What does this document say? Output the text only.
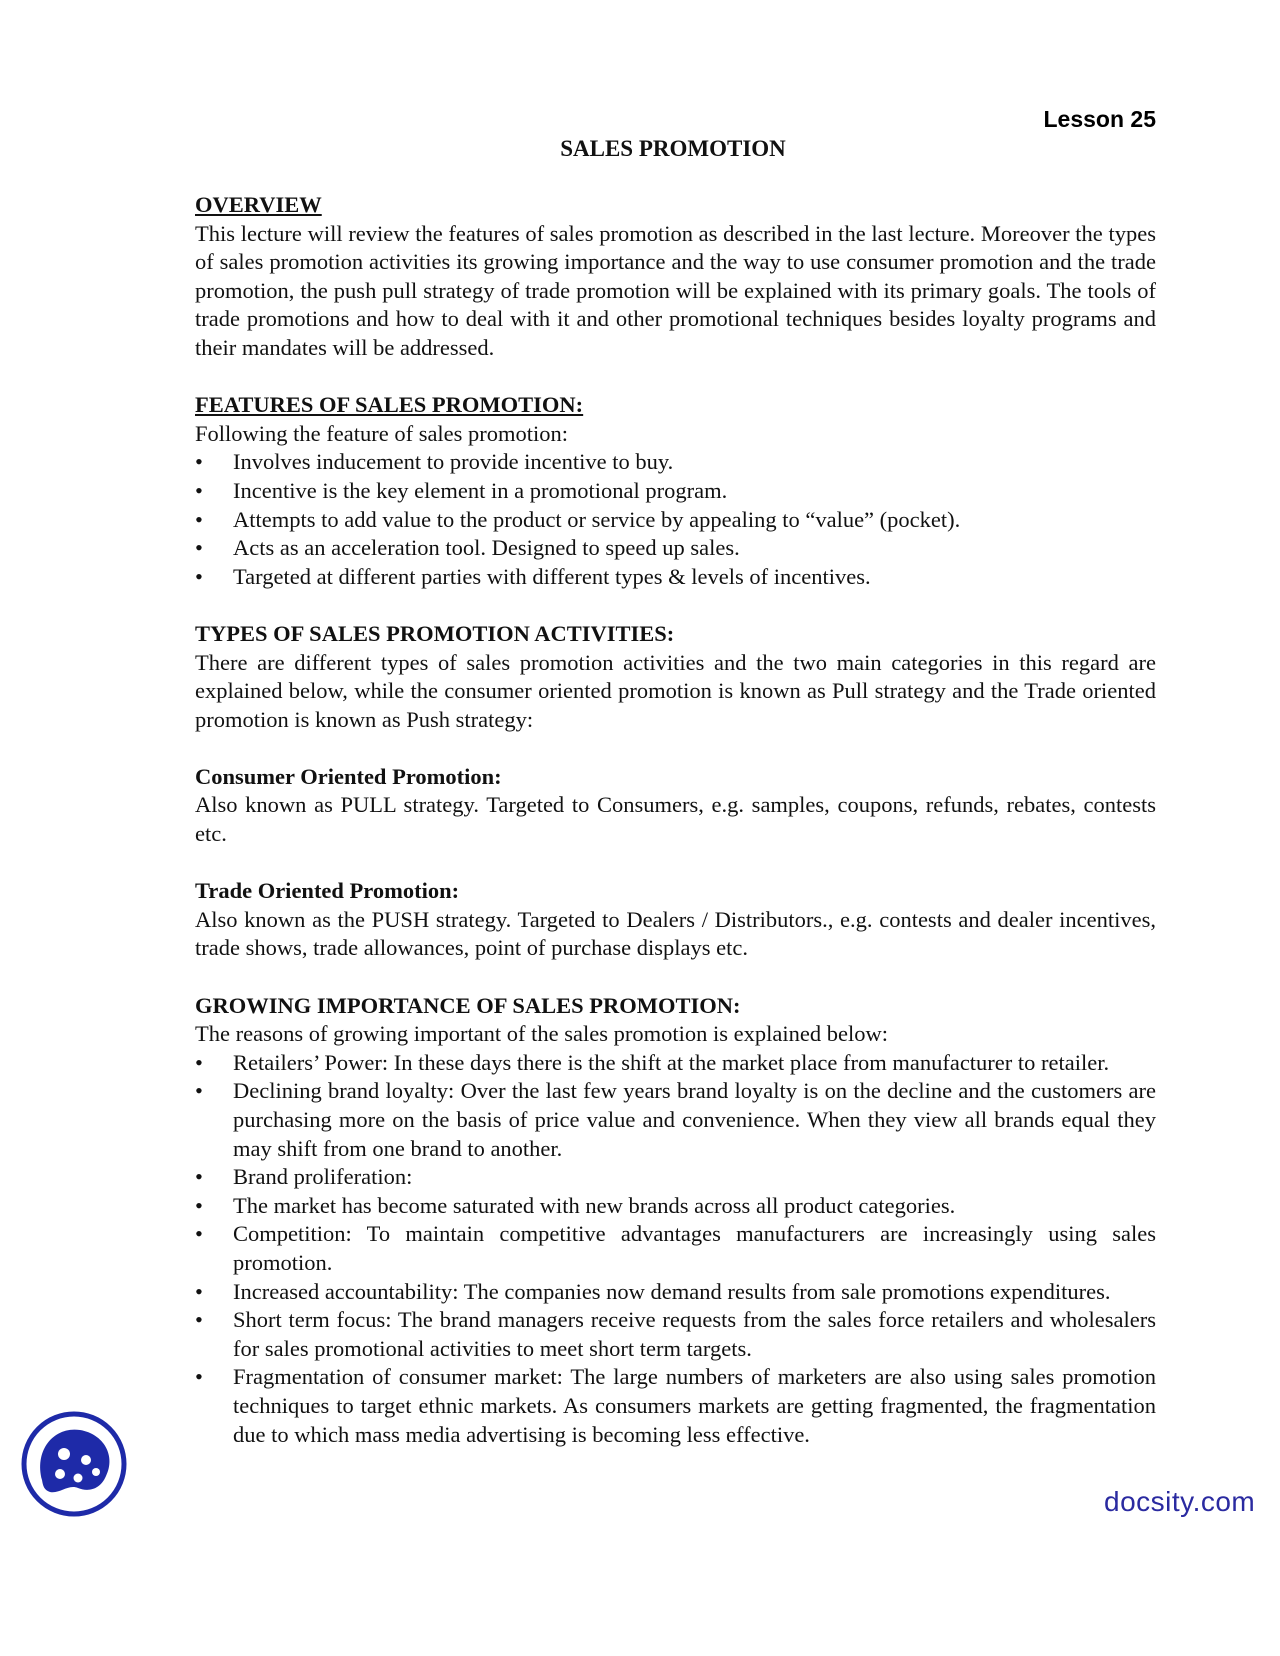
Lesson 25
SALES PROMOTION
OVERVIEW
This lecture will review the features of sales promotion as described in the last lecture. Moreover the types of sales promotion activities its growing importance and the way to use consumer promotion and the trade promotion, the push pull strategy of trade promotion will be explained with its primary goals. The tools of trade promotions and how to deal with it and other promotional techniques besides loyalty programs and their mandates will be addressed.
FEATURES OF SALES PROMOTION:
Following the feature of sales promotion:
• Involves inducement to provide incentive to buy.
• Incentive is the key element in a promotional program.
• Attempts to add value to the product or service by appealing to “value” (pocket).
• Acts as an acceleration tool. Designed to speed up sales.
• Targeted at different parties with different types & levels of incentives.
TYPES OF SALES PROMOTION ACTIVITIES:
There are different types of sales promotion activities and the two main categories in this regard are explained below, while the consumer oriented promotion is known as Pull strategy and the Trade oriented promotion is known as Push strategy:
Consumer Oriented Promotion:
Also known as PULL strategy. Targeted to Consumers, e.g. samples, coupons, refunds, rebates, contests etc.
Trade Oriented Promotion:
Also known as the PUSH strategy. Targeted to Dealers / Distributors., e.g. contests and dealer incentives, trade shows, trade allowances, point of purchase displays etc.
GROWING IMPORTANCE OF SALES PROMOTION:
The reasons of growing important of the sales promotion is explained below:
• Retailers’ Power: In these days there is the shift at the market place from manufacturer to retailer.
• Declining brand loyalty: Over the last few years brand loyalty is on the decline and the customers are purchasing more on the basis of price value and convenience. When they view all brands equal they may shift from one brand to another.
• Brand proliferation:
• The market has become saturated with new brands across all product categories.
• Competition: To maintain competitive advantages manufacturers are increasingly using sales promotion.
• Increased accountability: The companies now demand results from sale promotions expenditures.
• Short term focus: The brand managers receive requests from the sales force retailers and wholesalers for sales promotional activities to meet short term targets.
• Fragmentation of consumer market: The large numbers of marketers are also using sales promotion techniques to target ethnic markets. As consumers markets are getting fragmented, the fragmentation due to which mass media advertising is becoming less effective.
docsity.com
